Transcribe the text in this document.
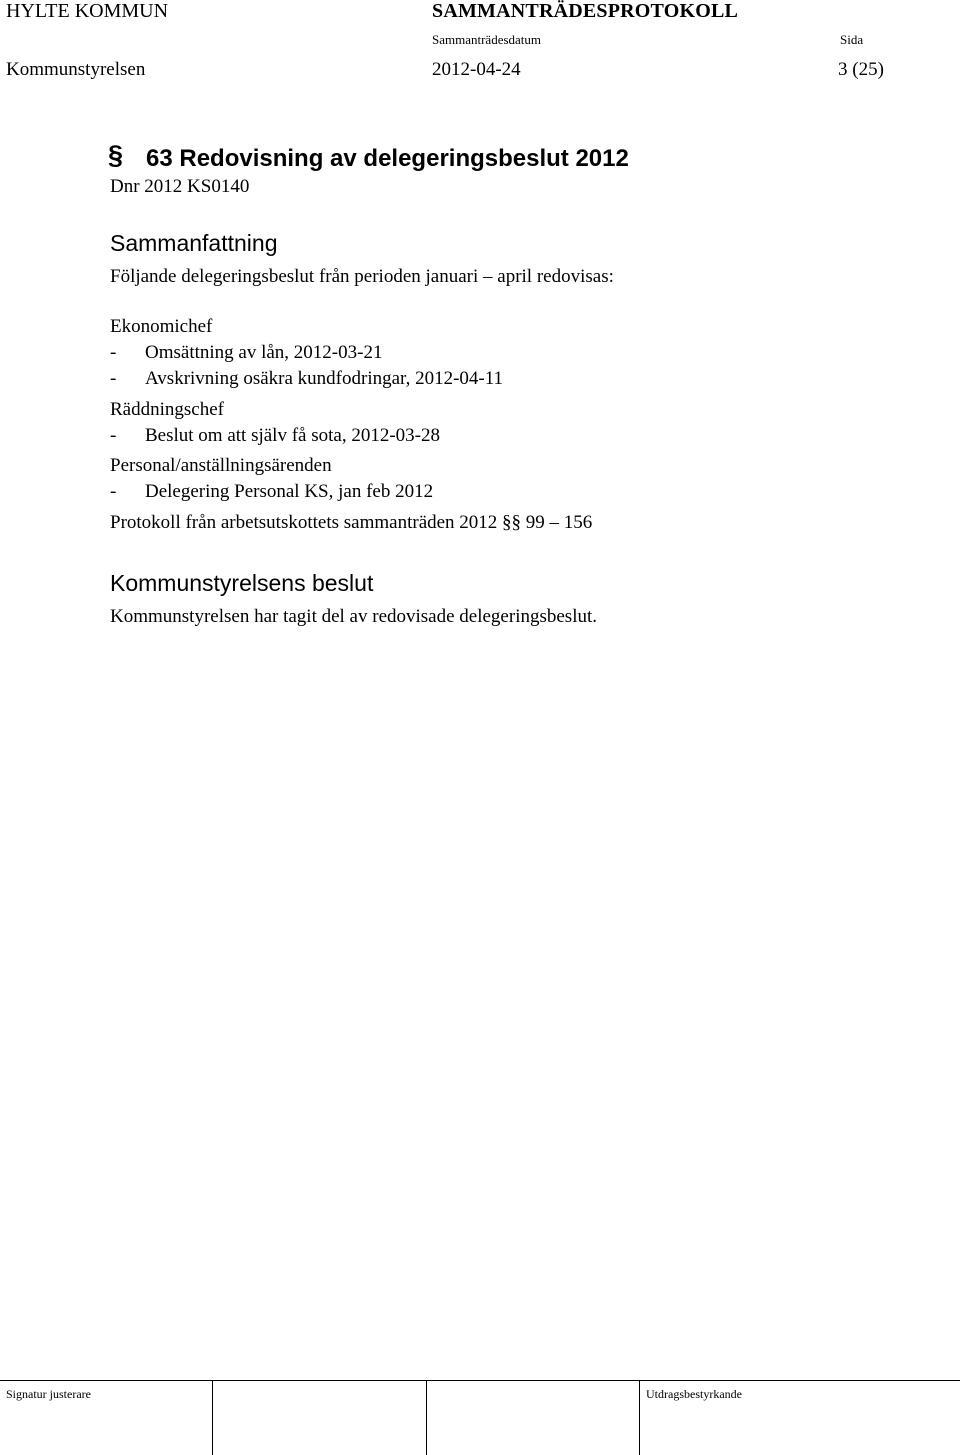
HYLTE KOMMUN	SAMMANTRÄDESPROTOKOLL
Sammanträdesdatum	Sida
Kommunstyrelsen	2012-04-24	3 (25)
§ 63 Redovisning av delegeringsbeslut 2012
Dnr 2012 KS0140
Sammanfattning
Följande delegeringsbeslut från perioden januari – april redovisas:
Ekonomichef
- Omsättning av lån, 2012-03-21
- Avskrivning osäkra kundfodringar, 2012-04-11
Räddningschef
- Beslut om att själv få sota, 2012-03-28
Personal/anställningsärenden
- Delegering Personal KS, jan feb 2012
Protokoll från arbetsutskottets sammanträden 2012 §§ 99 – 156
Kommunstyrelsens beslut
Kommunstyrelsen har tagit del av redovisade delegeringsbeslut.
Signatur justerare	Utdragsbestyrkande
